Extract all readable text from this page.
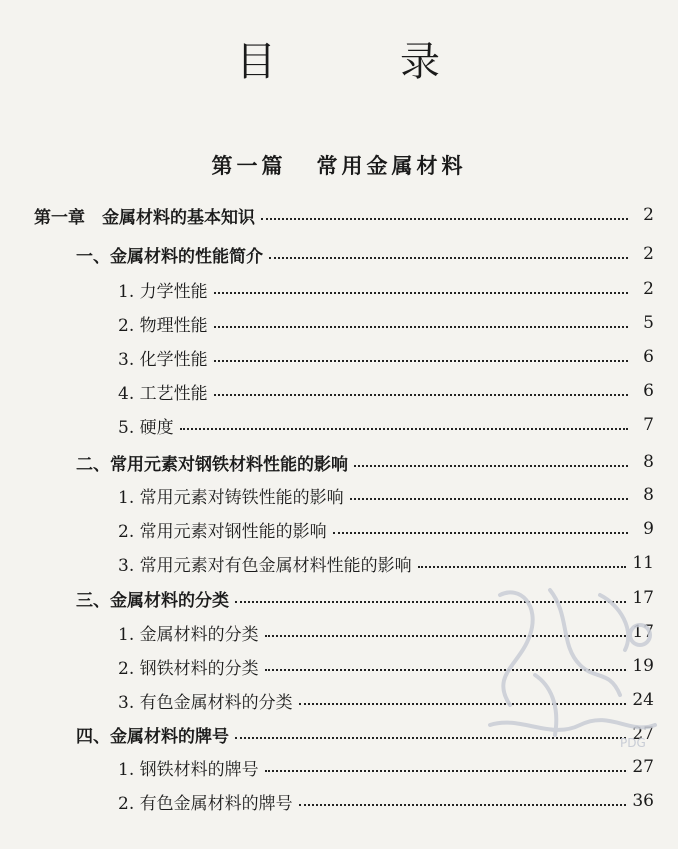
目　录
第一篇 常用金属材料
第一章　金属材料的基本知识	2
一、金属材料的性能简介	2
1. 力学性能	2
2. 物理性能	5
3. 化学性能	6
4. 工艺性能	6
5. 硬度	7
二、常用元素对钢铁材料性能的影响	8
1. 常用元素对铸铁性能的影响	8
2. 常用元素对钢性能的影响	9
3. 常用元素对有色金属材料性能的影响	11
三、金属材料的分类	17
1. 金属材料的分类	17
2. 钢铁材料的分类	19
3. 有色金属材料的分类	24
四、金属材料的牌号	27
1. 钢铁材料的牌号	27
2. 有色金属材料的牌号	36
PDG
